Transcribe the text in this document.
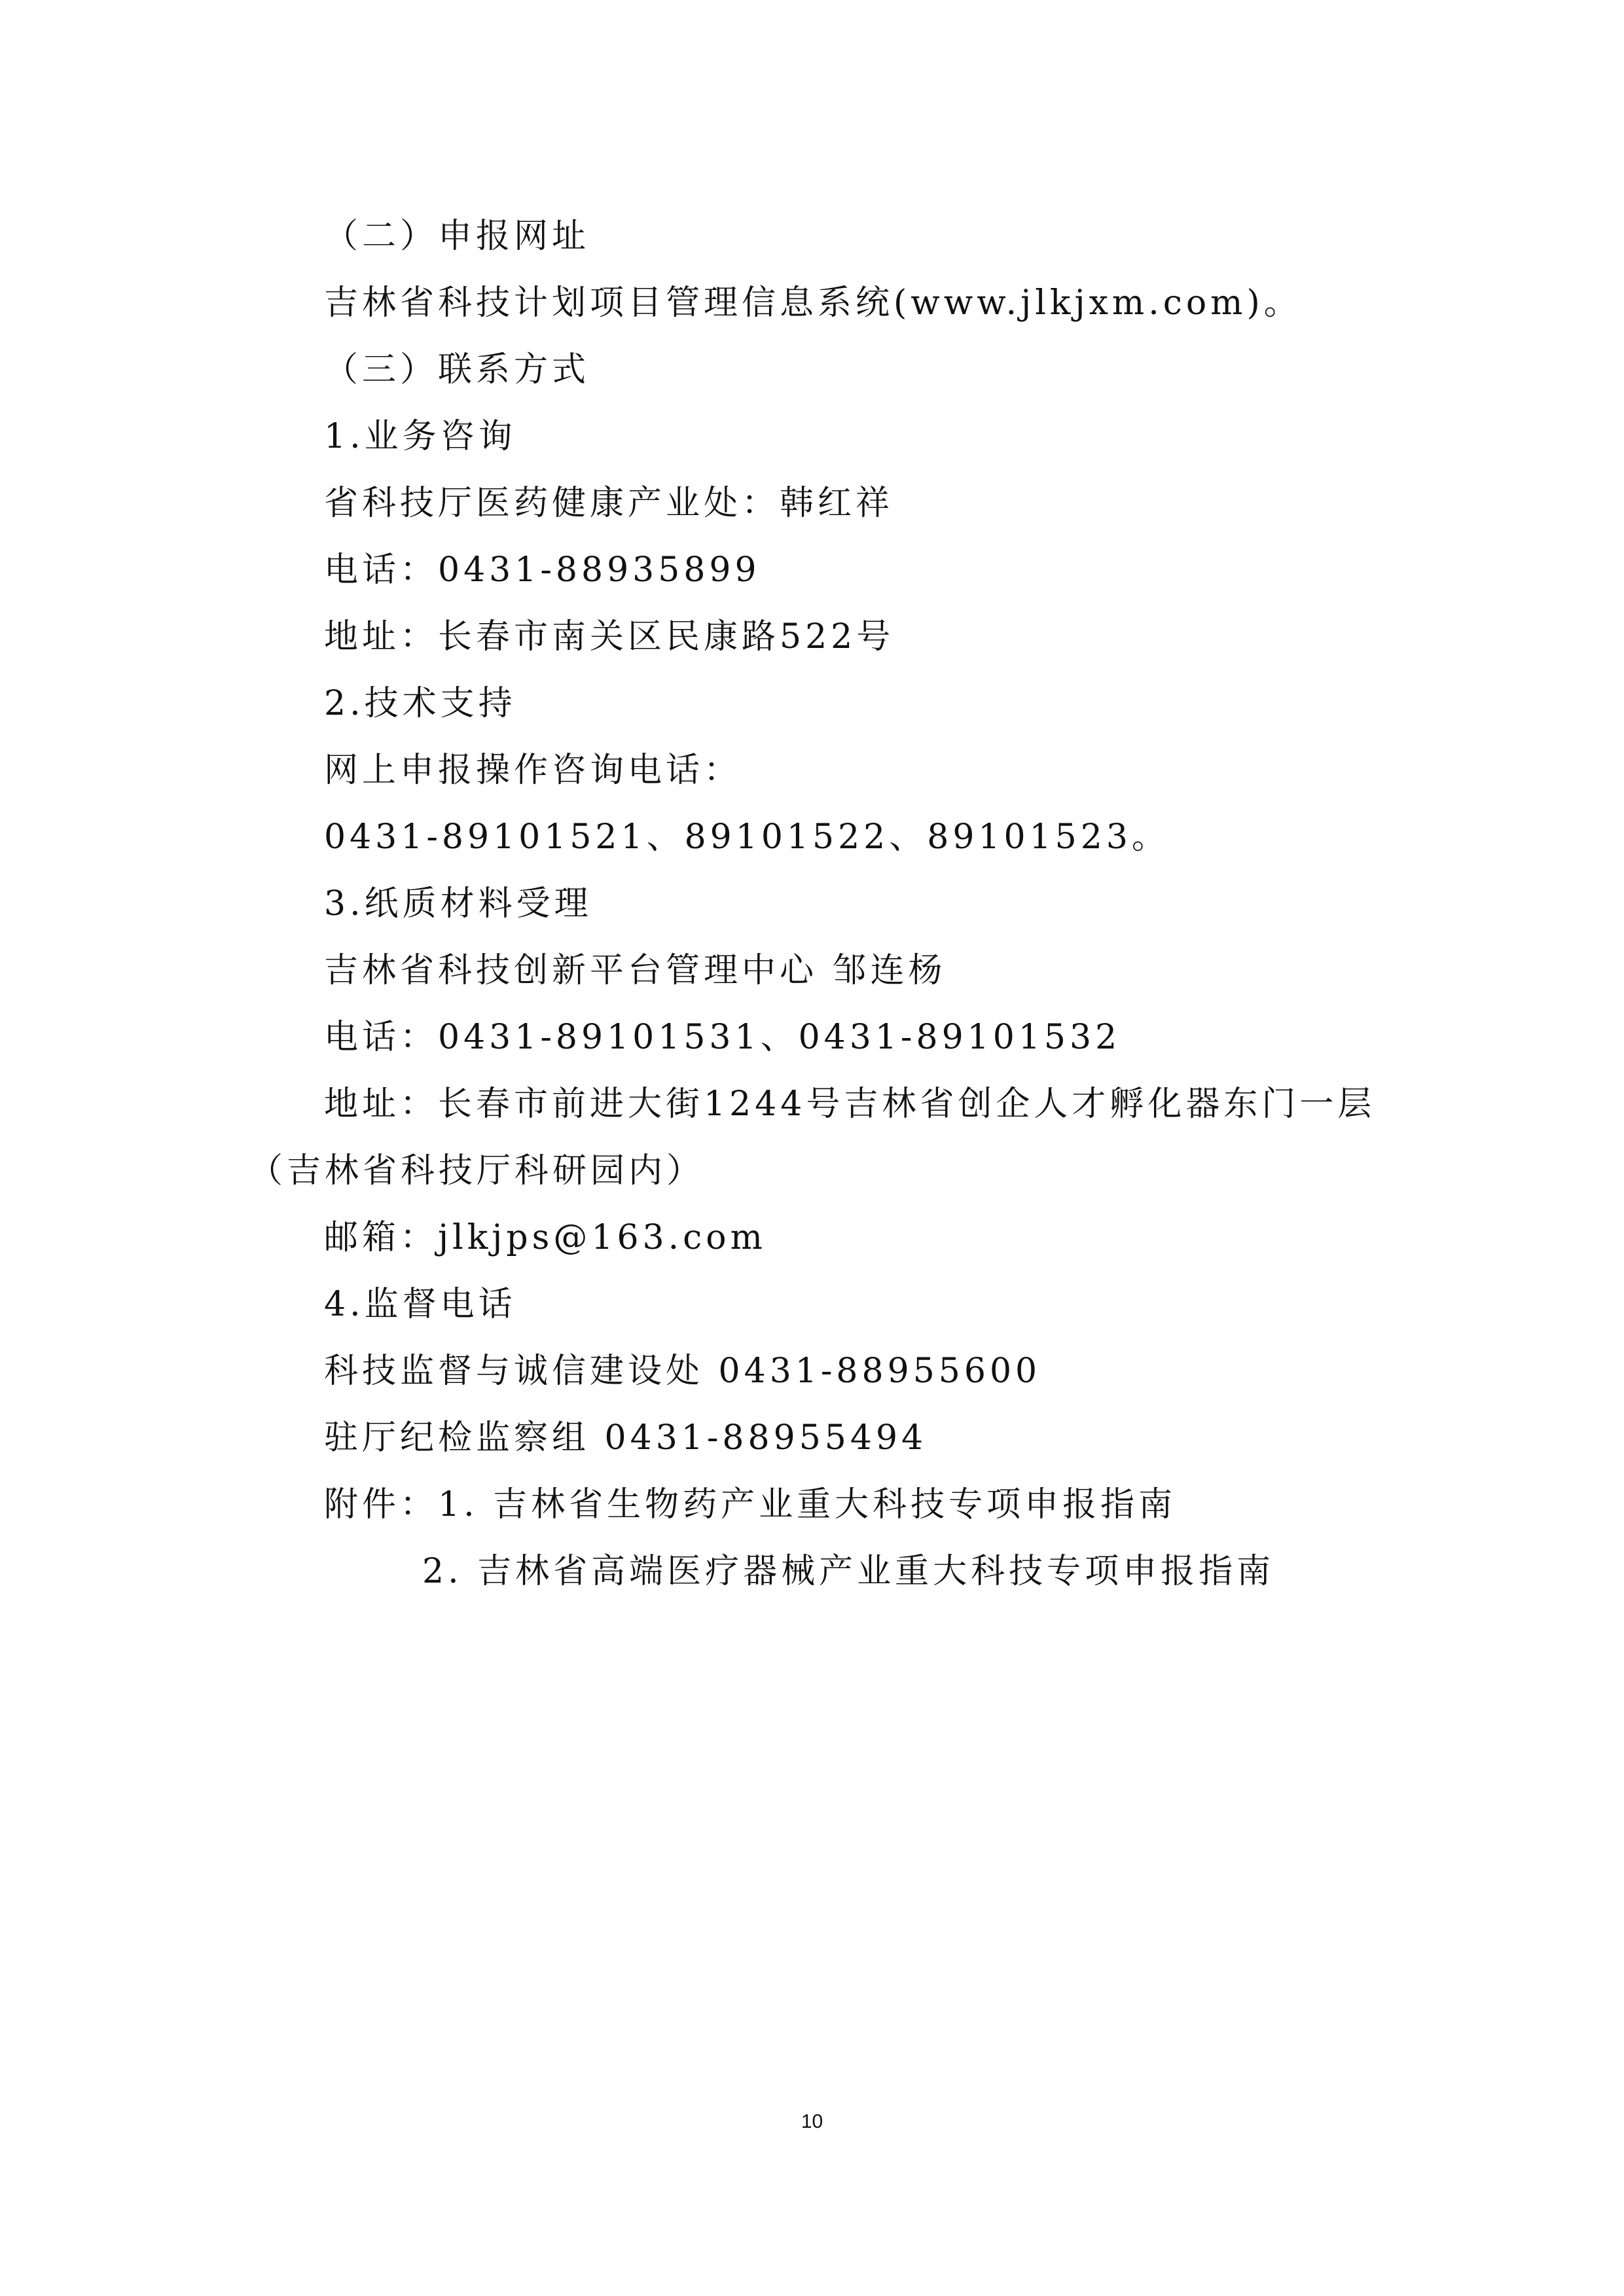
（二）申报网址
吉林省科技计划项目管理信息系统(www.jlkjxm.com)。
（三）联系方式
1.业务咨询
省科技厅医药健康产业处：韩红祥
电话：0431-88935899
地址：长春市南关区民康路522号
2.技术支持
网上申报操作咨询电话：
0431-89101521、89101522、89101523。
3.纸质材料受理
吉林省科技创新平台管理中心 邹连杨
电话：0431-89101531、0431-89101532
地址：长春市前进大街1244号吉林省创企人才孵化器东门一层
（吉林省科技厅科研园内）
邮箱：jlkjps@163.com
4.监督电话
科技监督与诚信建设处 0431-88955600
驻厅纪检监察组 0431-88955494
附件：1. 吉林省生物药产业重大科技专项申报指南
2. 吉林省高端医疗器械产业重大科技专项申报指南
10
